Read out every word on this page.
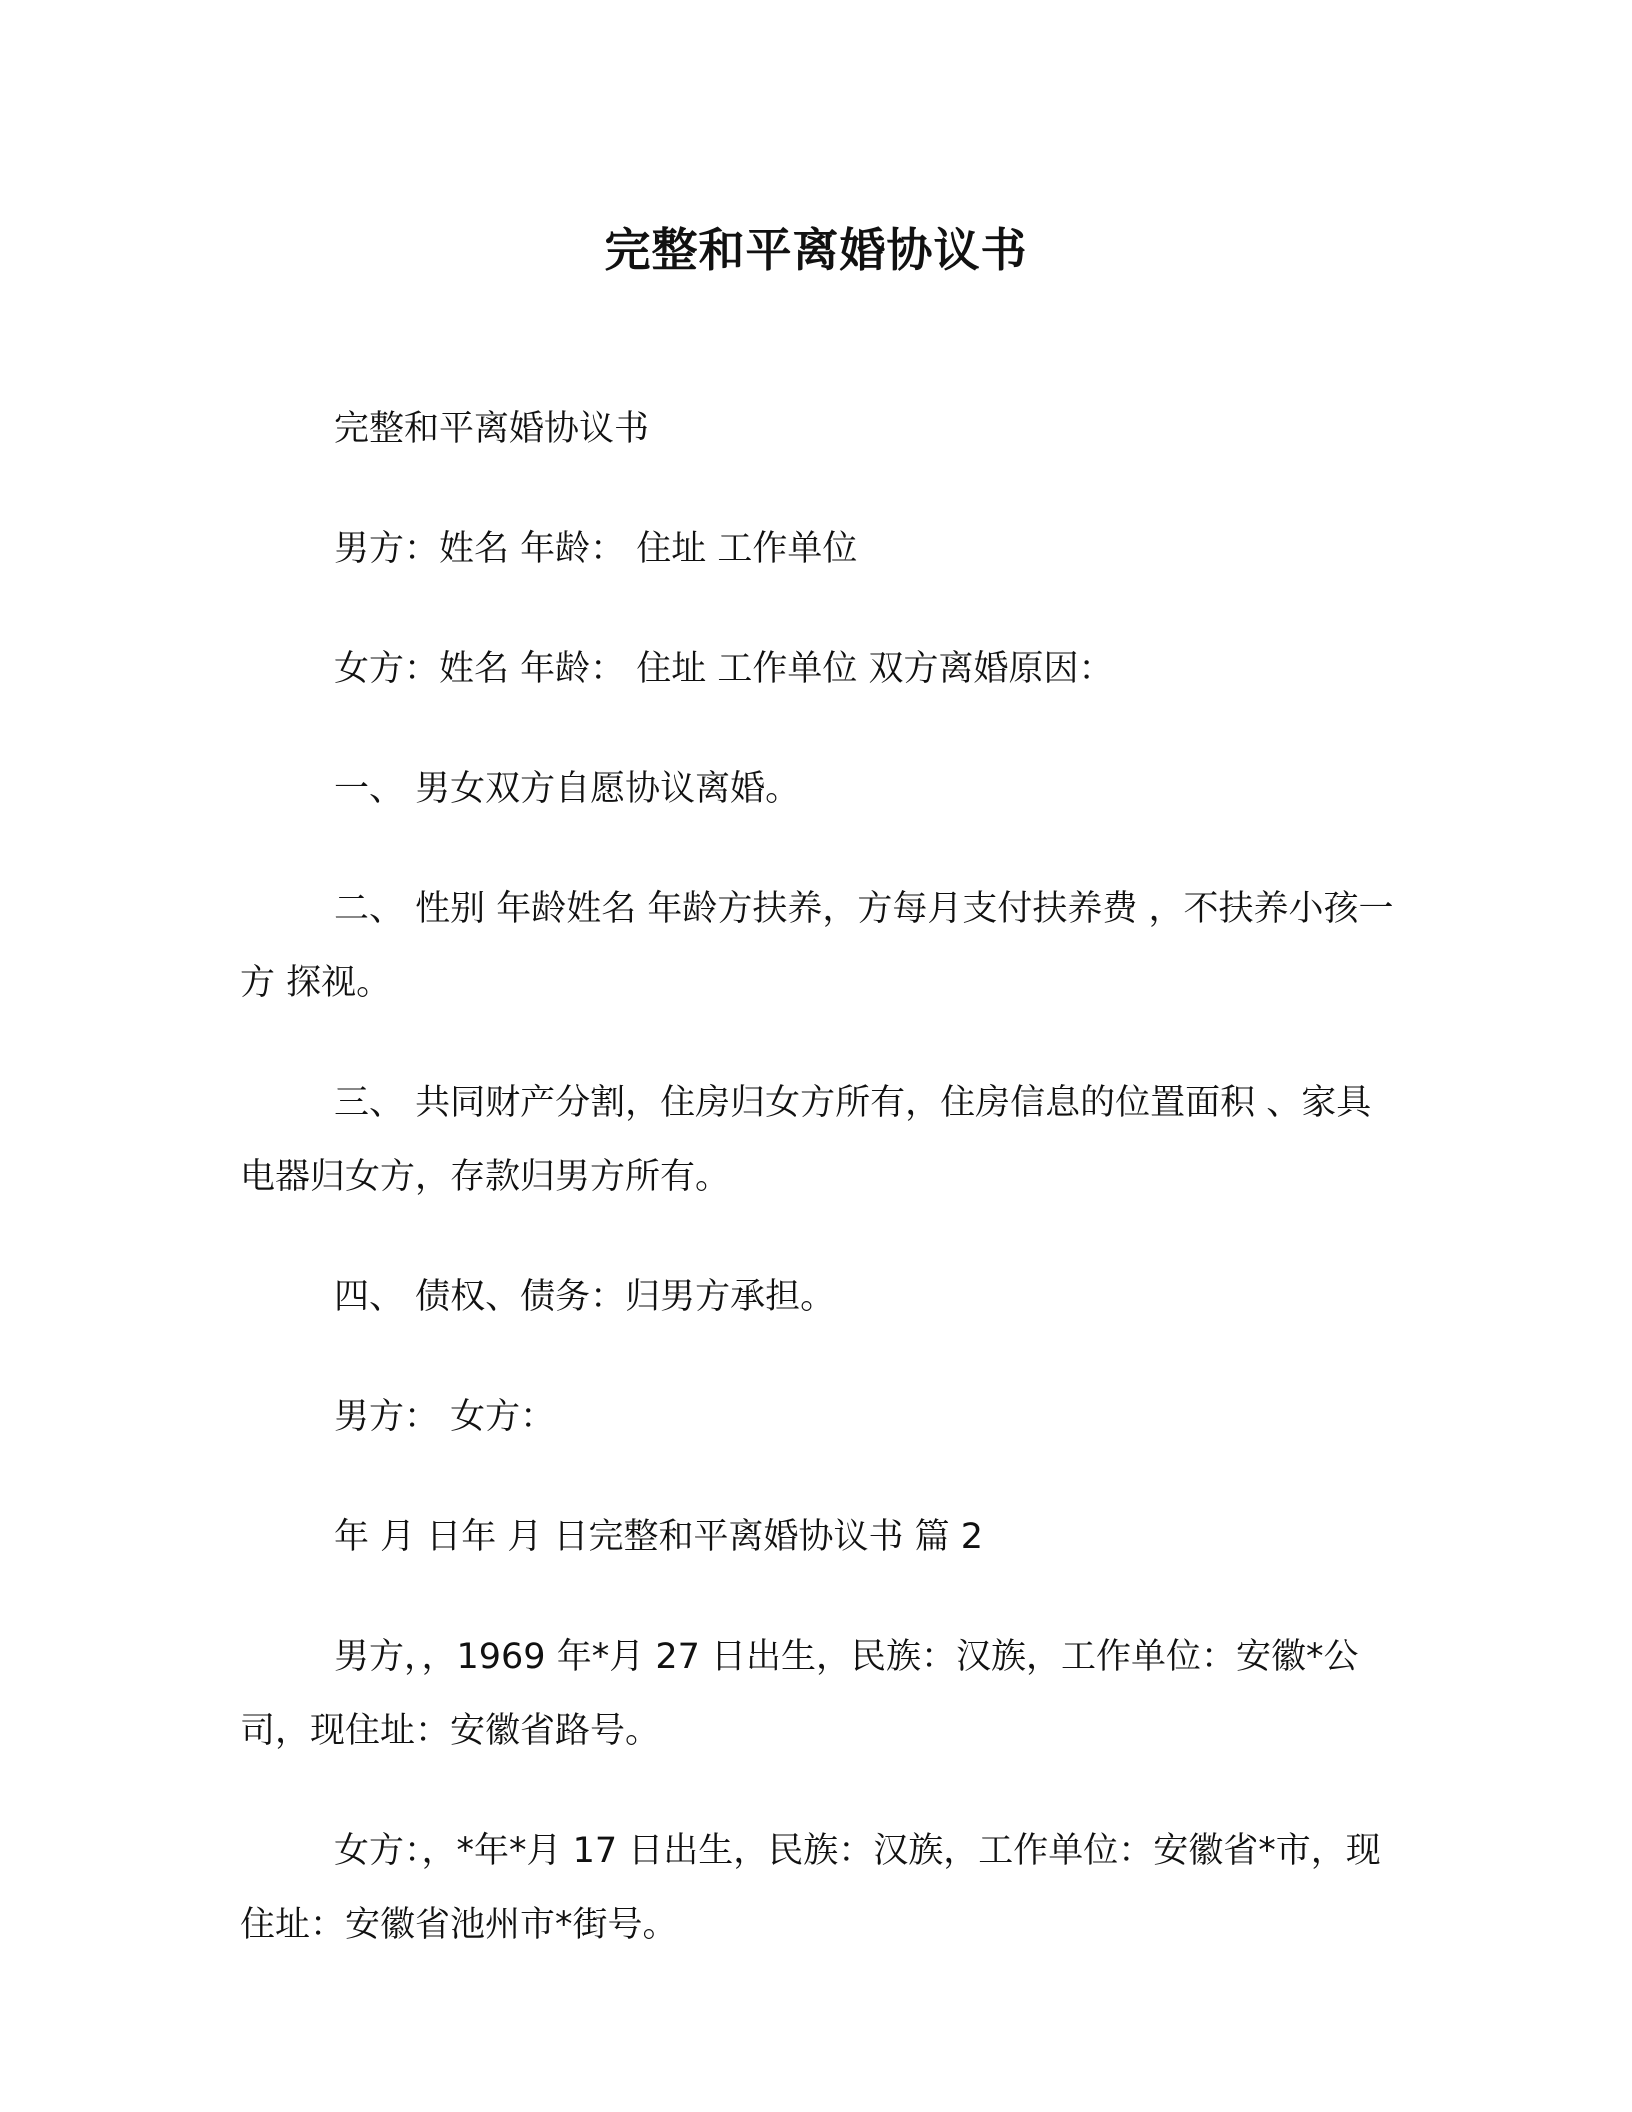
完整和平离婚协议书

完整和平离婚协议书

男方：姓名 年龄： 住址 工作单位

女方：姓名 年龄： 住址 工作单位 双方离婚原因：

一、 男女双方自愿协议离婚。

二、 性别 年龄姓名 年龄方扶养，方每月支付扶养费 ，不扶养小孩一方 探视。

三、 共同财产分割，住房归女方所有，住房信息的位置面积 、家具电器归女方，存款归男方所有。

四、 债权、债务：归男方承担。

男方： 女方：

年 月 日年 月 日完整和平离婚协议书 篇 2

男方，，1969 年*月 27 日出生，民族：汉族，工作单位：安徽*公司，现住址：安徽省路号。

女方：，*年*月 17 日出生，民族：汉族，工作单位：安徽省*市，现住址：安徽省池州市*街号。
